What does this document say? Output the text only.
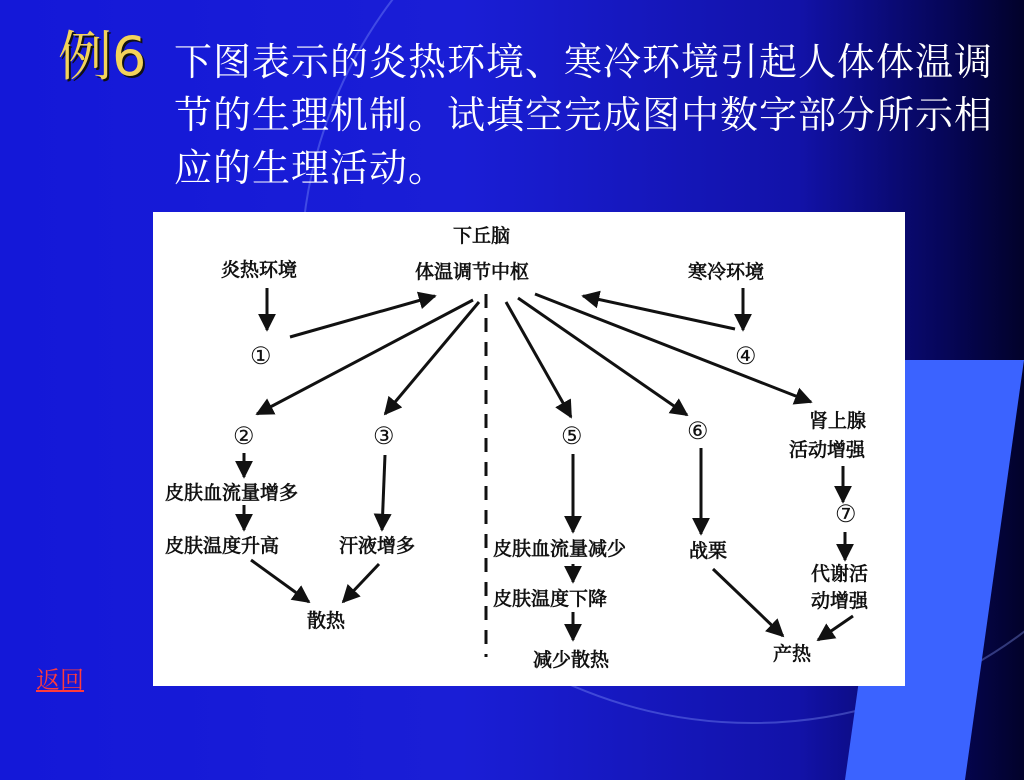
例6 下图表示的炎热环境、寒冷环境引起人体体温调节的生理机制。试填空完成图中数字部分所示相应的生理活动。
下丘脑
体温调节中枢
炎热环境	寒冷环境
①
②	③
④
⑤	⑥
⑦
皮肤血流量增多
皮肤温度升高	汗液增多
散热
皮肤血流量减少
皮肤温度下降
减少散热
战栗
肾上腺
活动增强
代谢活
动增强
产热
返回
